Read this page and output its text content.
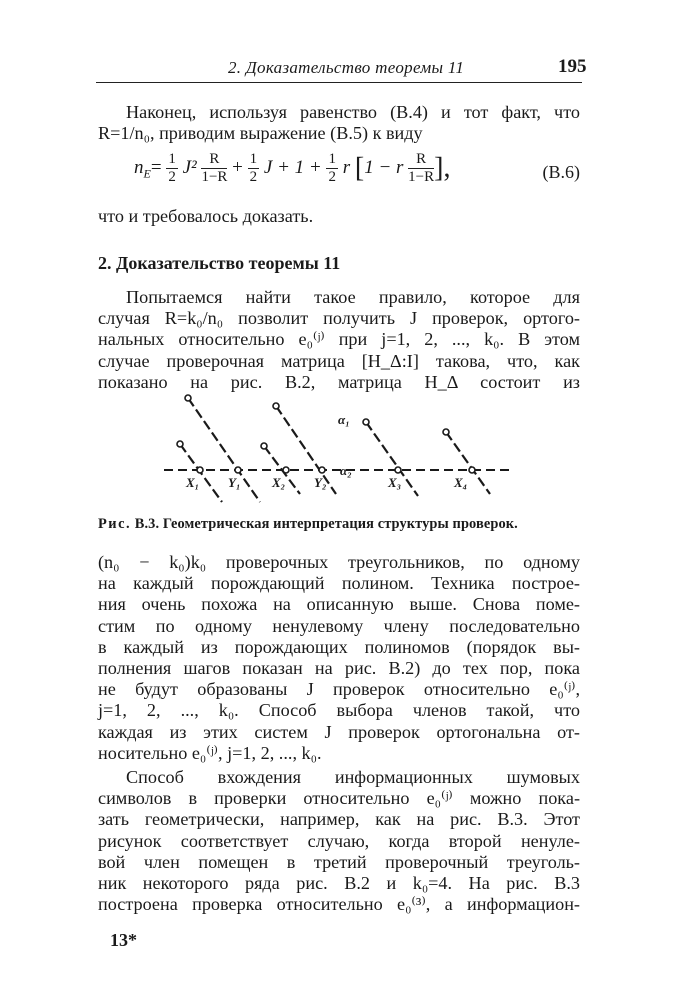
2. Доказательство теоремы 11	195
Наконец, используя равенство (В.4) и тот факт, что
R=1/n₀, приводим выражение (В.5) к виду
$n_E= \frac{1}{2} J^2 \frac{R}{1-R} + \frac{1}{2}$ $J + 1 + \frac{1}{2}$ r [1 − r $\frac{R}{1-R}$ ],	(В.6)
что и требовалось доказать.
2. Доказательство теоремы 11
Попытаемся найти такое правило, которое для
случая R=k₀/n₀ позволит получить J проверок, ортого-
нальных относительно e₀⁽ʲ⁾ при j=1, 2, ..., k₀. В этом
случае проверочная матрица [H_Δ:I] такова, что, как
показано на рис. В.2, матрица H_Δ состоит из
α₁
α₂
X₁ Y₁ X₂ Y₂	X₃	X₄
Рис. В.3. Геометрическая интерпретация структуры проверок.
(n₀ − k₀)k₀ проверочных треугольников, по одному
на каждый порождающий полином. Техника построе-
ния очень похожа на описанную выше. Снова поме-
стим по одному ненулевому члену последовательно
в каждый из порождающих полиномов (порядок вы-
полнения шагов показан на рис. В.2) до тех пор, пока
не будут образованы J проверок относительно e₀⁽ʲ⁾,
j=1, 2, ..., k₀. Способ выбора членов такой, что
каждая из этих систем J проверок ортогональна от-
носительно e₀⁽ʲ⁾, j=1, 2, ..., k₀.
Способ вхождения информационных шумовых
символов в проверки относительно e₀⁽ʲ⁾ можно пока-
зать геометрически, например, как на рис. В.3. Этот
рисунок соответствует случаю, когда второй ненуле-
вой член помещен в третий проверочный треуголь-
ник некоторого ряда рис. В.2 и k₀=4. На рис. В.3
построена проверка относительно e₀⁽³⁾, а информацион-
13*
